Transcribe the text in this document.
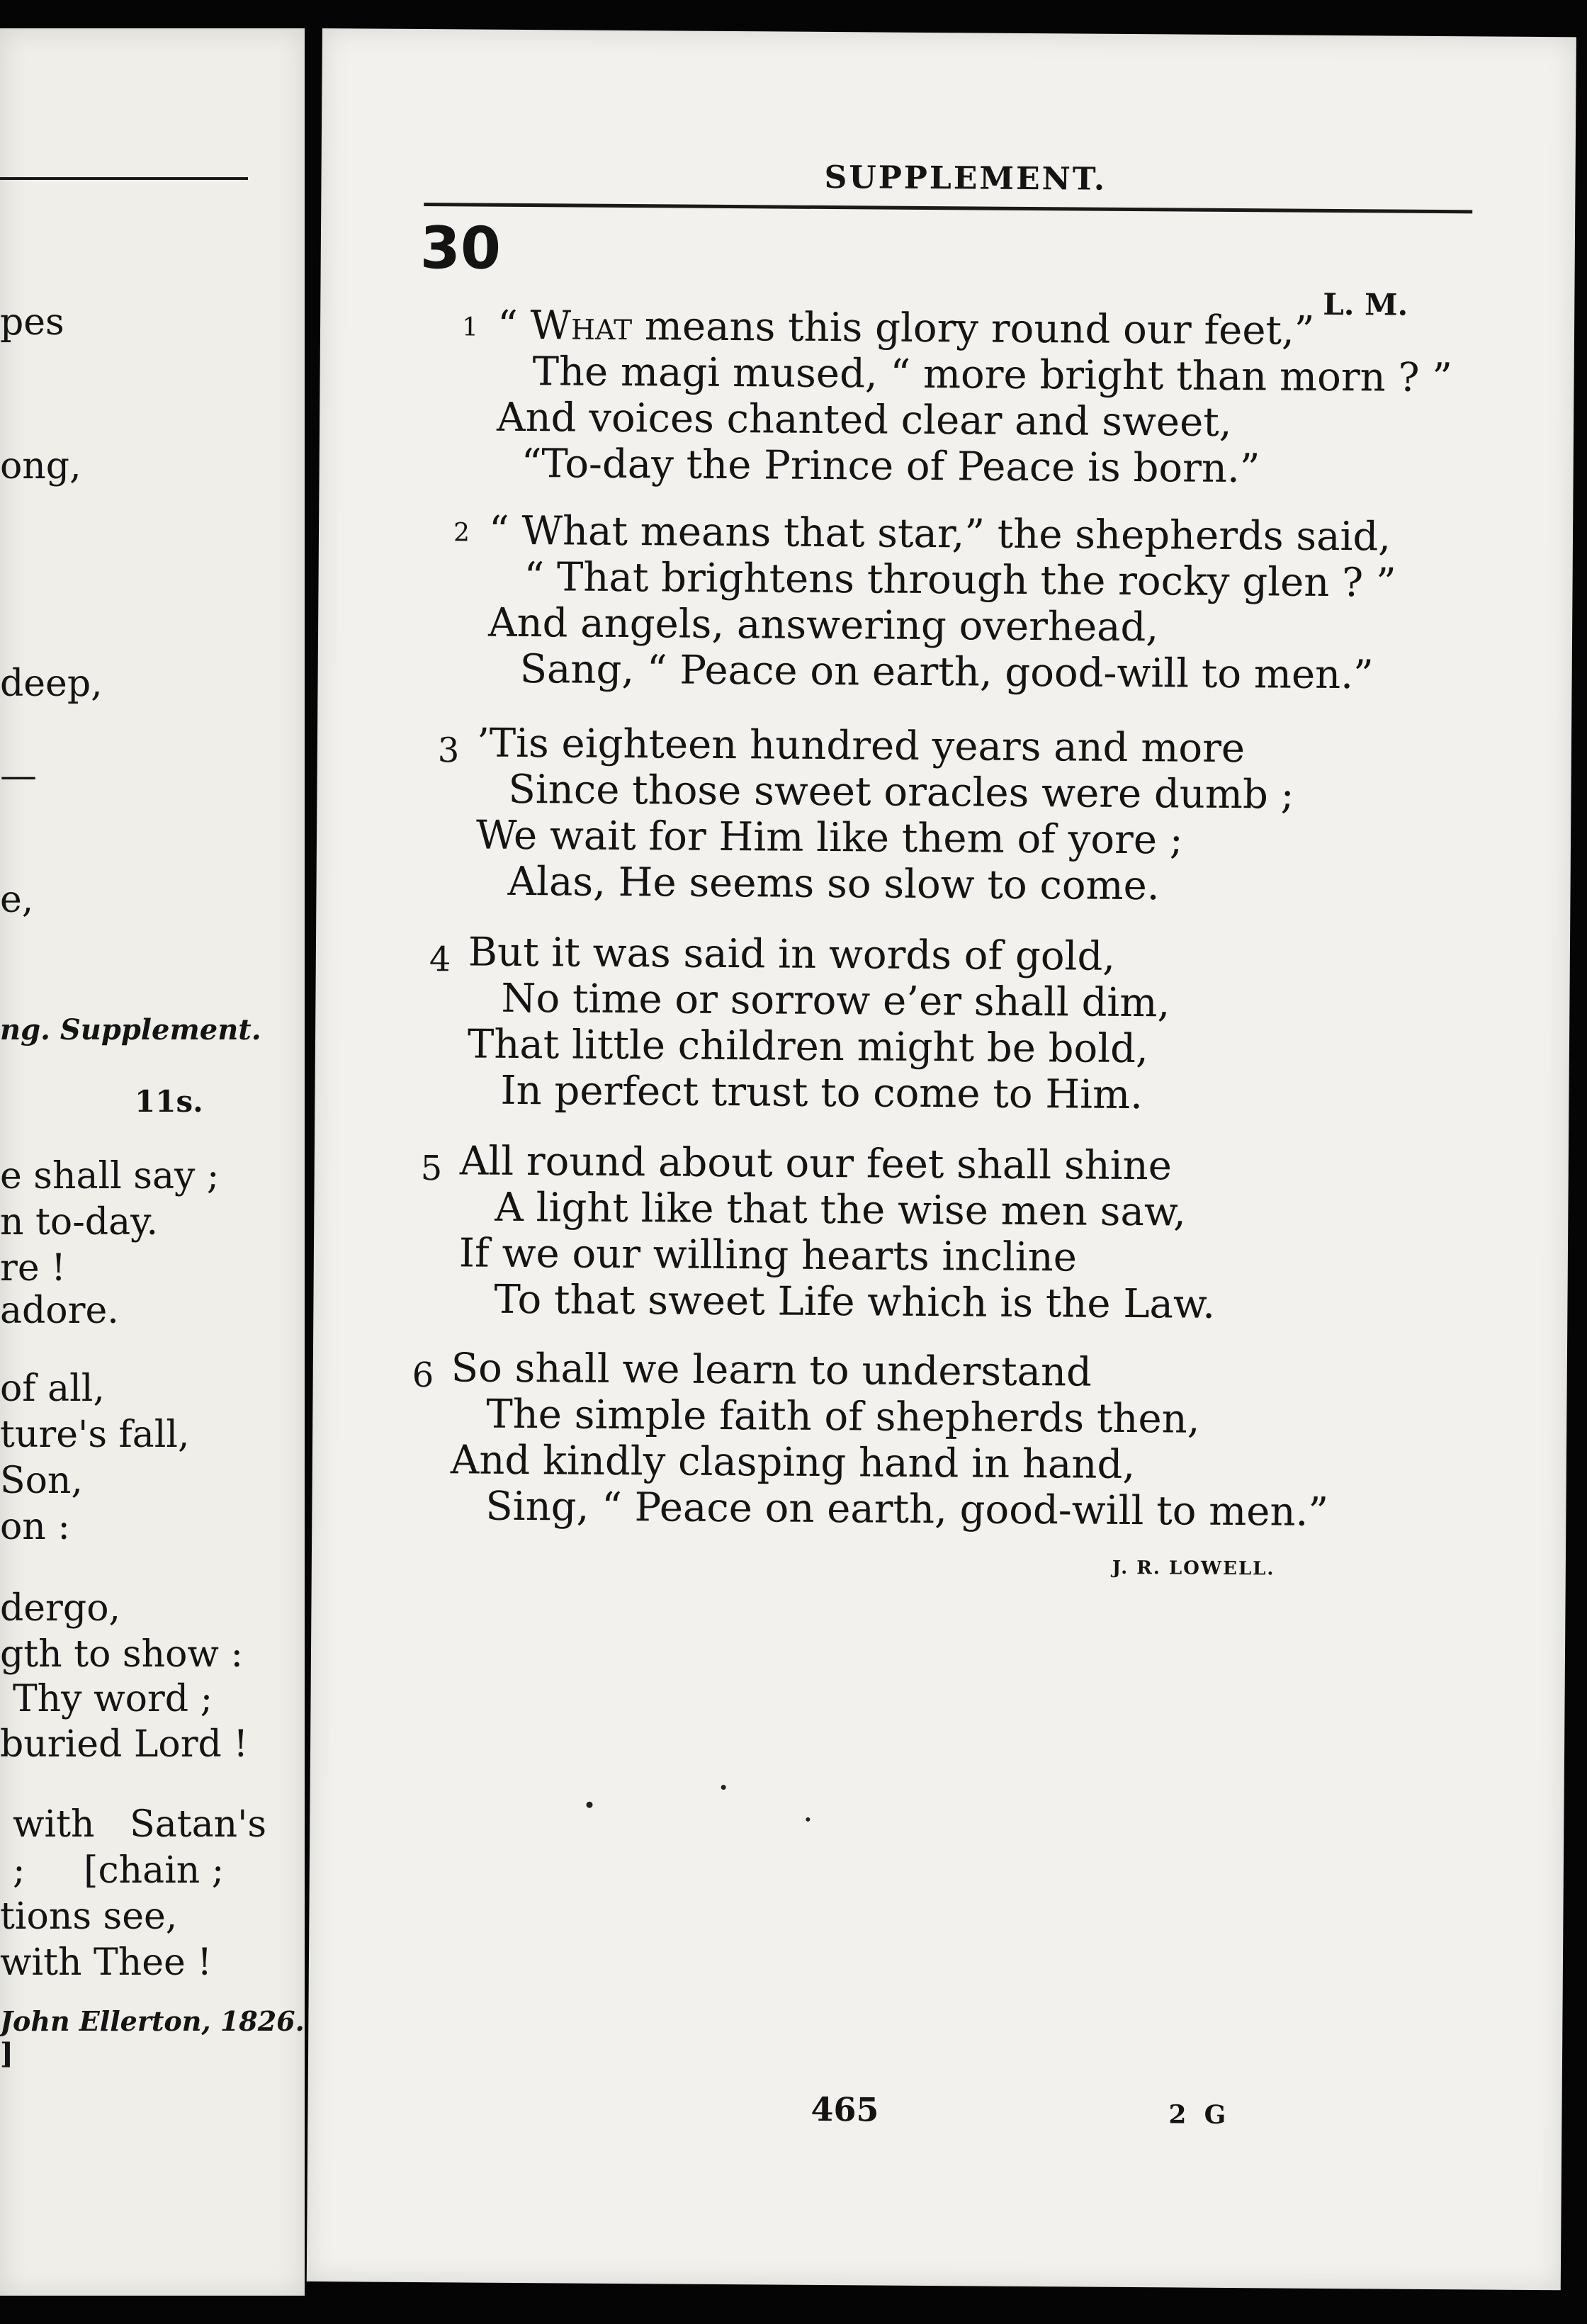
pes
ong,
deep,
—
e,
ng. Supplement.
11s.
e shall say ;
n to-day.
re !
adore.
of all,
ture's fall,
Son,
on :
dergo,
gth to show :
Thy word ;
buried Lord !
with   Satan's
;     [chain ;
tions see,
with Thee !
John Ellerton, 1826.
]
SUPPLEMENT.
30
L. M.
1 “ What means this glory round our feet,”
The magi mused, “ more bright than morn ? ”
And voices chanted clear and sweet,
“To-day the Prince of Peace is born.”
2 “ What means that star,” the shepherds said,
“ That brightens through the rocky glen ? ”
And angels, answering overhead,
Sang, “ Peace on earth, good-will to men.”
3 ’Tis eighteen hundred years and more
Since those sweet oracles were dumb ;
We wait for Him like them of yore ;
Alas, He seems so slow to come.
4 But it was said in words of gold,
No time or sorrow e’er shall dim,
That little children might be bold,
In perfect trust to come to Him.
5 All round about our feet shall shine
A light like that the wise men saw,
If we our willing hearts incline
To that sweet Life which is the Law.
6 So shall we learn to understand
The simple faith of shepherds then,
And kindly clasping hand in hand,
Sing, “ Peace on earth, good-will to men.”
J. R. LOWELL.
465	2  G
